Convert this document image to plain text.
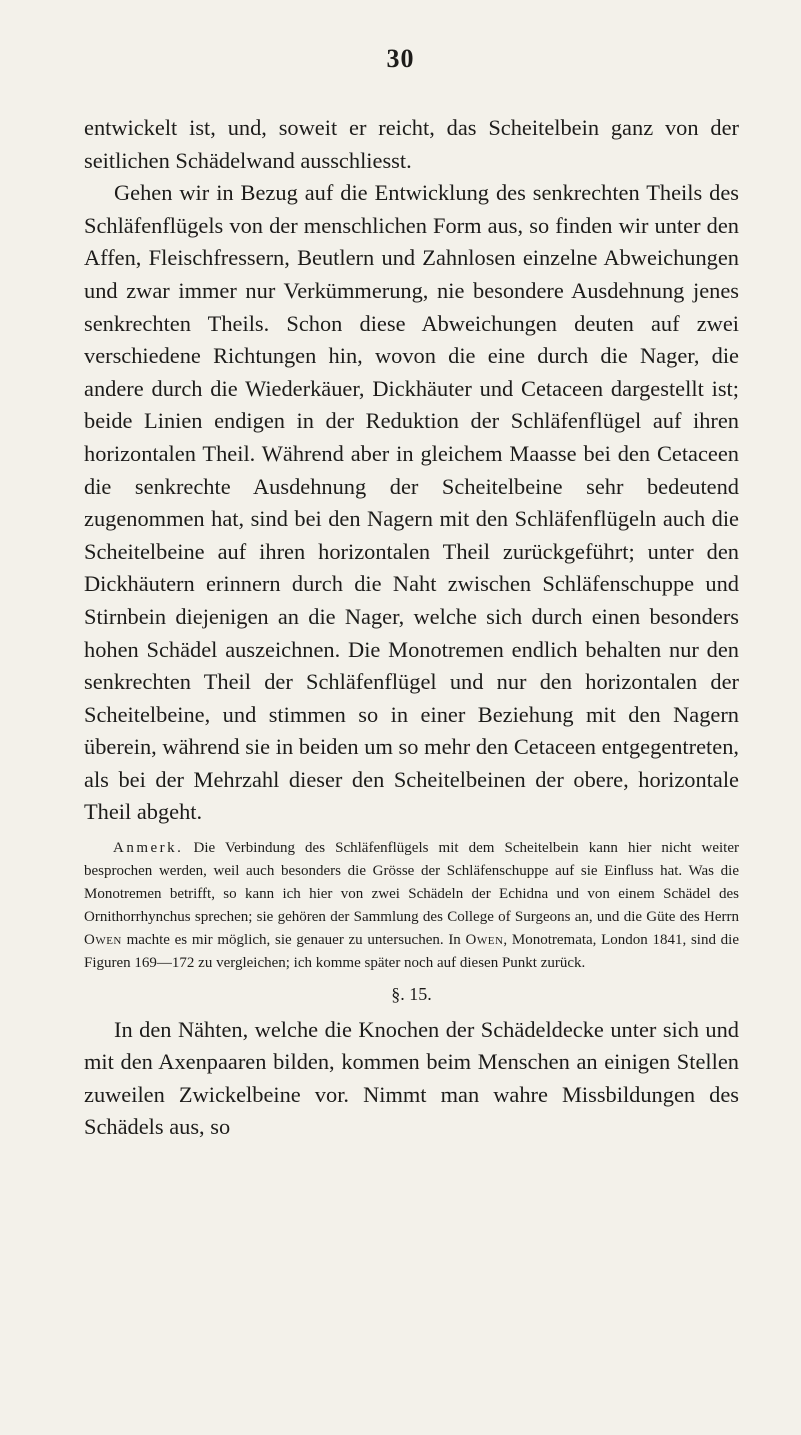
30

entwickelt ist, und, soweit er reicht, das Scheitelbein ganz von der seitlichen Schädelwand ausschliesst.

Gehen wir in Bezug auf die Entwicklung des senkrechten Theils des Schläfenflügels von der menschlichen Form aus, so finden wir unter den Affen, Fleischfressern, Beutlern und Zahnlosen einzelne Abweichungen und zwar immer nur Verkümmerung, nie besondere Ausdehnung jenes senkrechten Theils. Schon diese Abweichungen deuten auf zwei verschiedene Richtungen hin, wovon die eine durch die Nager, die andere durch die Wiederkäuer, Dickhäuter und Cetaceen dargestellt ist; beide Linien endigen in der Reduktion der Schläfenflügel auf ihren horizontalen Theil. Während aber in gleichem Maasse bei den Cetaceen die senkrechte Ausdehnung der Scheitelbeine sehr bedeutend zugenommen hat, sind bei den Nagern mit den Schläfenflügeln auch die Scheitelbeine auf ihren horizontalen Theil zurückgeführt; unter den Dickhäutern erinnern durch die Naht zwischen Schläfenschuppe und Stirnbein diejenigen an die Nager, welche sich durch einen besonders hohen Schädel auszeichnen. Die Monotremen endlich behalten nur den senkrechten Theil der Schläfenflügel und nur den horizontalen der Scheitelbeine, und stimmen so in einer Beziehung mit den Nagern überein, während sie in beiden um so mehr den Cetaceen entgegentreten, als bei der Mehrzahl dieser den Scheitelbeinen der obere, horizontale Theil abgeht.

Anmerk. Die Verbindung des Schläfenflügels mit dem Scheitelbein kann hier nicht weiter besprochen werden, weil auch besonders die Grösse der Schläfenschuppe auf sie Einfluss hat. Was die Monotremen betrifft, so kann ich hier von zwei Schädeln der Echidna und von einem Schädel des Ornithorrhynchus sprechen; sie gehören der Sammlung des College of Surgeons an, und die Güte des Herrn Owen machte es mir möglich, sie genauer zu untersuchen. In Owen, Monotremata, London 1841, sind die Figuren 169—172 zu vergleichen; ich komme später noch auf diesen Punkt zurück.

§. 15.

In den Nähten, welche die Knochen der Schädeldecke unter sich und mit den Axenpaaren bilden, kommen beim Menschen an einigen Stellen zuweilen Zwickelbeine vor. Nimmt man wahre Missbildungen des Schädels aus, so
